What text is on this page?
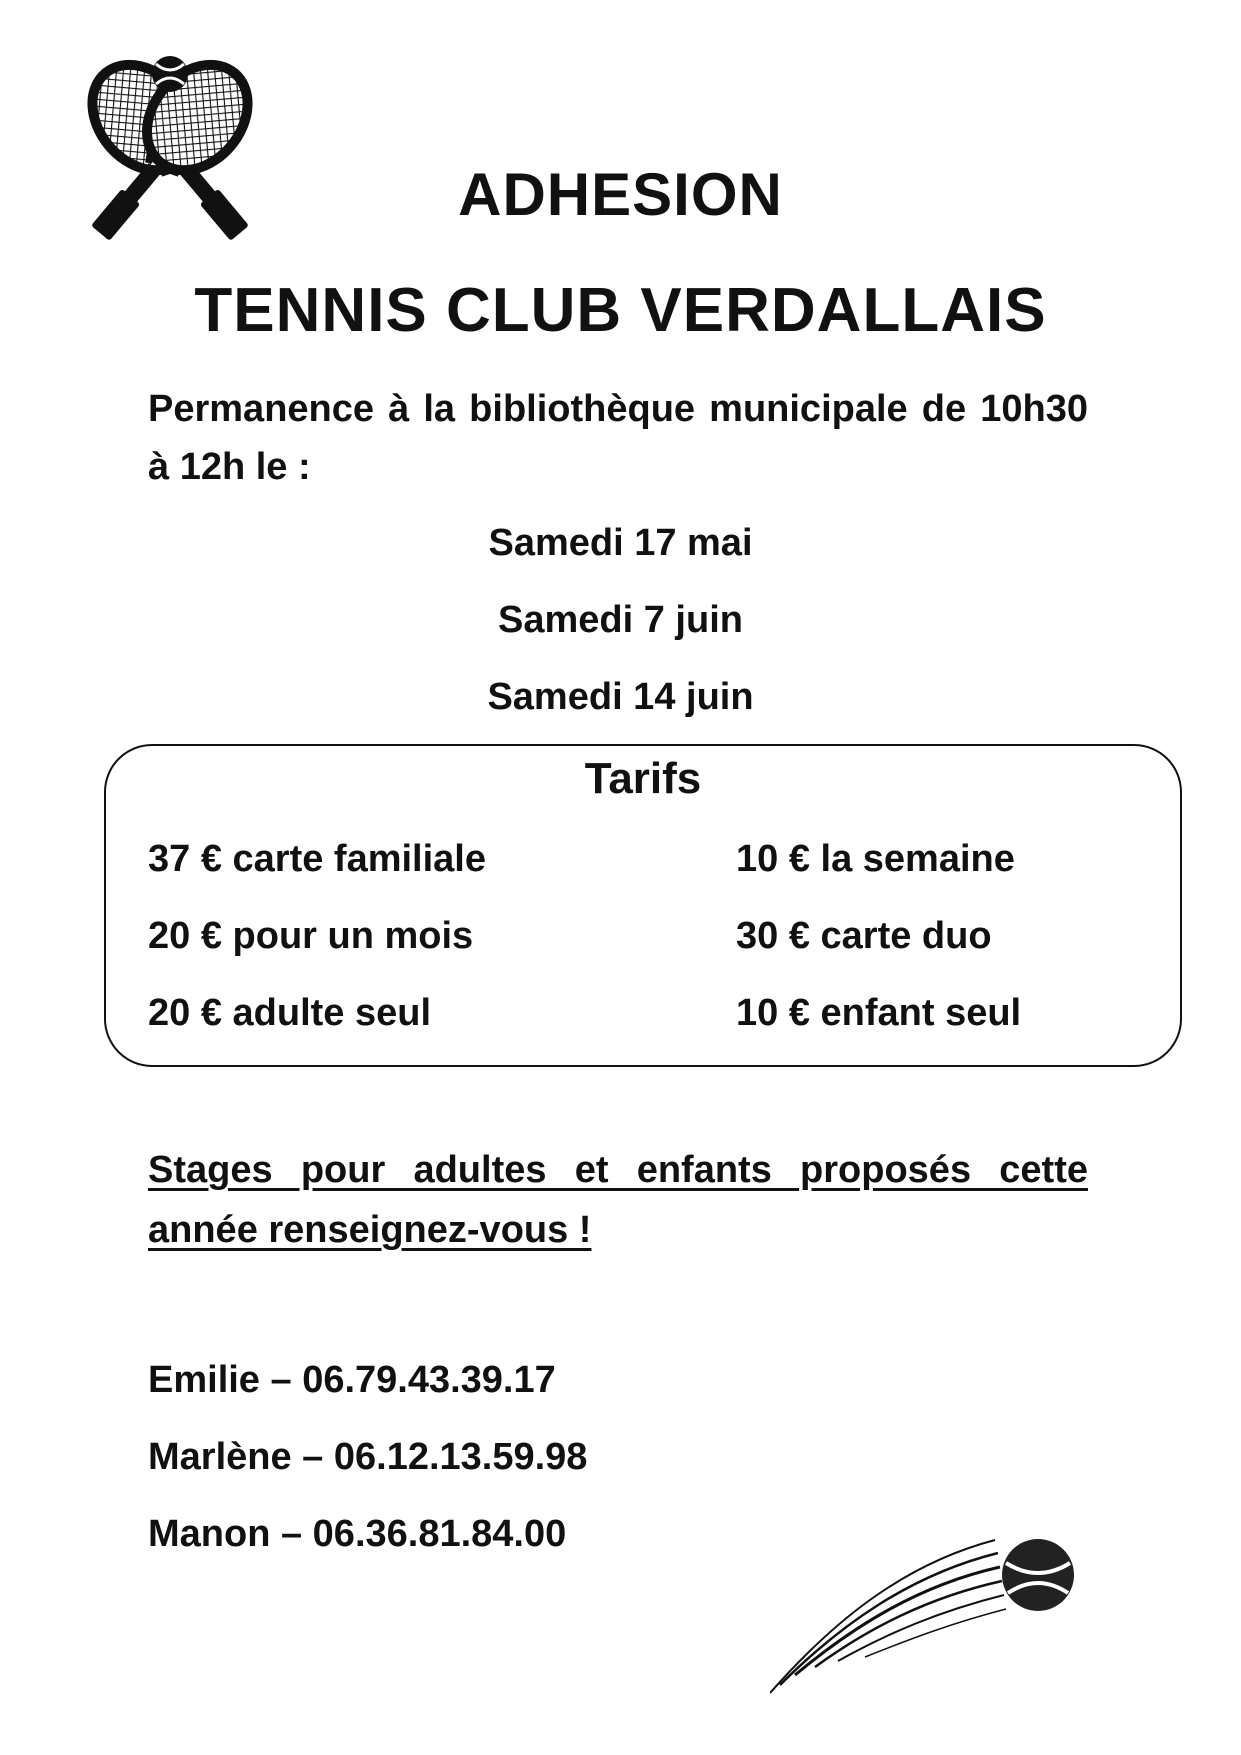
ADHESION
TENNIS CLUB VERDALLAIS

Permanence à la bibliothèque municipale de 10h30 à 12h le :

Samedi 17 mai
Samedi 7 juin
Samedi 14 juin
Tarifs
37 € carte familiale
20 € pour un mois
20 € adulte seul
10 € la semaine
30 € carte duo
10 € enfant seul

Stages pour adultes et enfants proposés cette année renseignez-vous !

Emilie – 06.79.43.39.17
Marlène – 06.12.13.59.98
Manon – 06.36.81.84.00
